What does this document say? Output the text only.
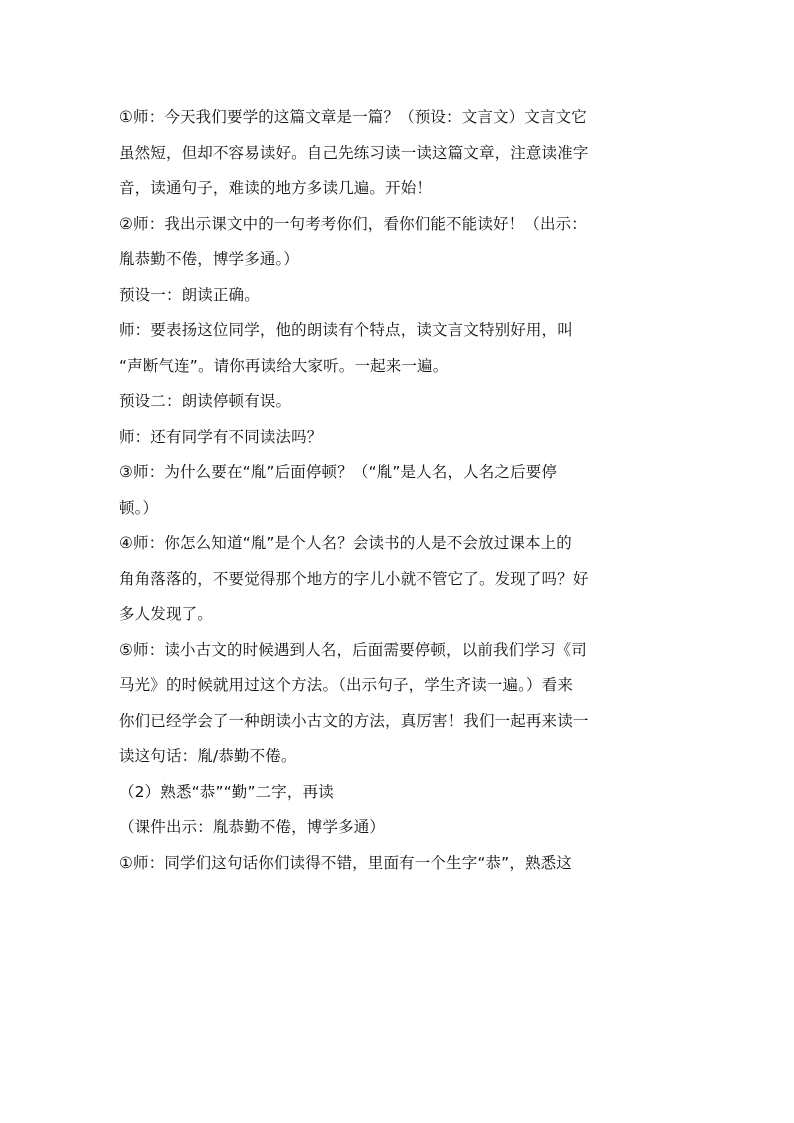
①师：今天我们要学的这篇文章是一篇？（预设：文言文）文言文它
虽然短，但却不容易读好。自己先练习读一读这篇文章，注意读准字
音，读通句子，难读的地方多读几遍。开始！
②师：我出示课文中的一句考考你们，看你们能不能读好！（出示：
胤恭勤不倦，博学多通。）
预设一：朗读正确。
师：要表扬这位同学，他的朗读有个特点，读文言文特别好用，叫
“声断气连”。请你再读给大家听。一起来一遍。
预设二：朗读停顿有误。
师：还有同学有不同读法吗？
③师：为什么要在“胤”后面停顿？（“胤”是人名，人名之后要停
顿。）
④师：你怎么知道“胤”是个人名？会读书的人是不会放过课本上的
角角落落的，不要觉得那个地方的字儿小就不管它了。发现了吗？好
多人发现了。
⑤师：读小古文的时候遇到人名，后面需要停顿，以前我们学习《司
马光》的时候就用过这个方法。（出示句子，学生齐读一遍。）看来
你们已经学会了一种朗读小古文的方法，真厉害！我们一起再来读一
读这句话：胤/恭勤不倦。
（2）熟悉“恭”“勤”二字，再读
（课件出示：胤恭勤不倦，博学多通）
①师：同学们这句话你们读得不错，里面有一个生字“恭”，熟悉这
